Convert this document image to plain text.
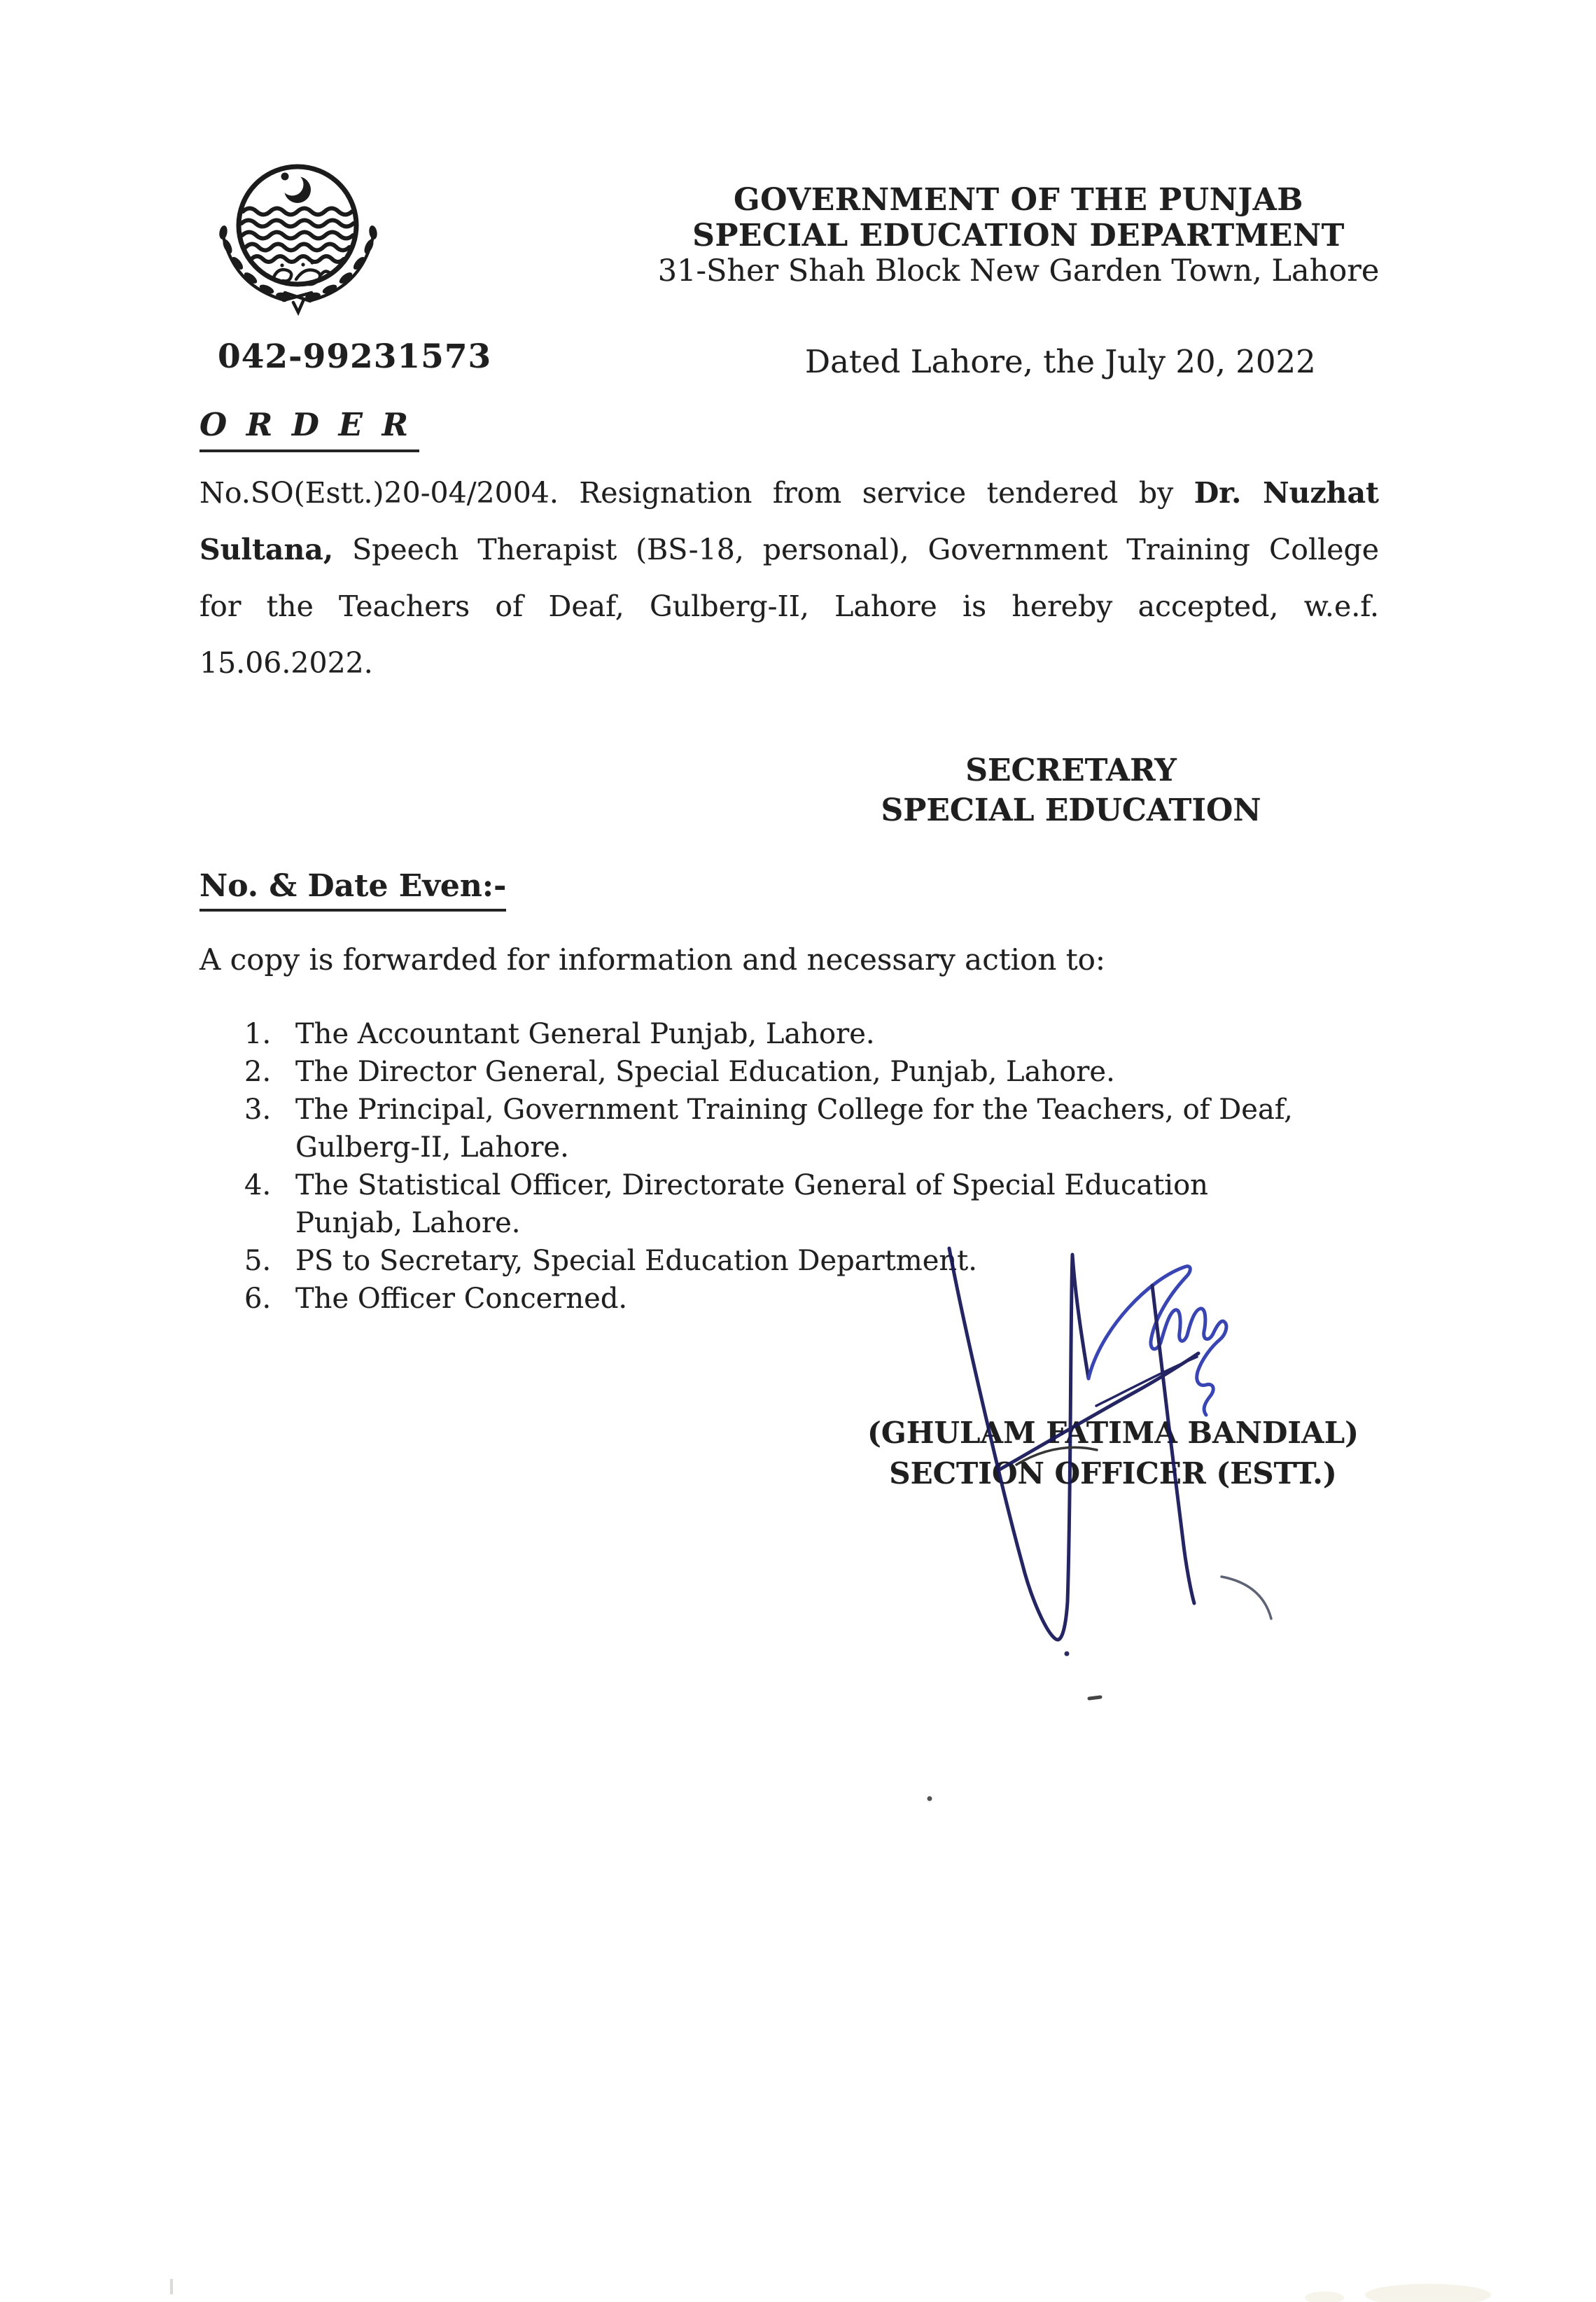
GOVERNMENT OF THE PUNJAB
SPECIAL EDUCATION DEPARTMENT
31-Sher Shah Block New Garden Town, Lahore
042-99231573	Dated Lahore, the July 20, 2022
O R D E R
No.SO(Estt.)20-04/2004. Resignation from service tendered by Dr. Nuzhat
Sultana, Speech Therapist (BS-18, personal), Government Training College
for the Teachers of Deaf, Gulberg-II, Lahore is hereby accepted, w.e.f.
15.06.2022.
SECRETARY
SPECIAL EDUCATION
No. & Date Even:-
A copy is forwarded for information and necessary action to:
1. The Accountant General Punjab, Lahore.
2. The Director General, Special Education, Punjab, Lahore.
3. The Principal, Government Training College for the Teachers, of Deaf,
Gulberg-II, Lahore.
4. The Statistical Officer, Directorate General of Special Education
Punjab, Lahore.
5. PS to Secretary, Special Education Department.
6. The Officer Concerned.
(GHULAM FATIMA BANDIAL)
SECTION OFFICER (ESTT.)
